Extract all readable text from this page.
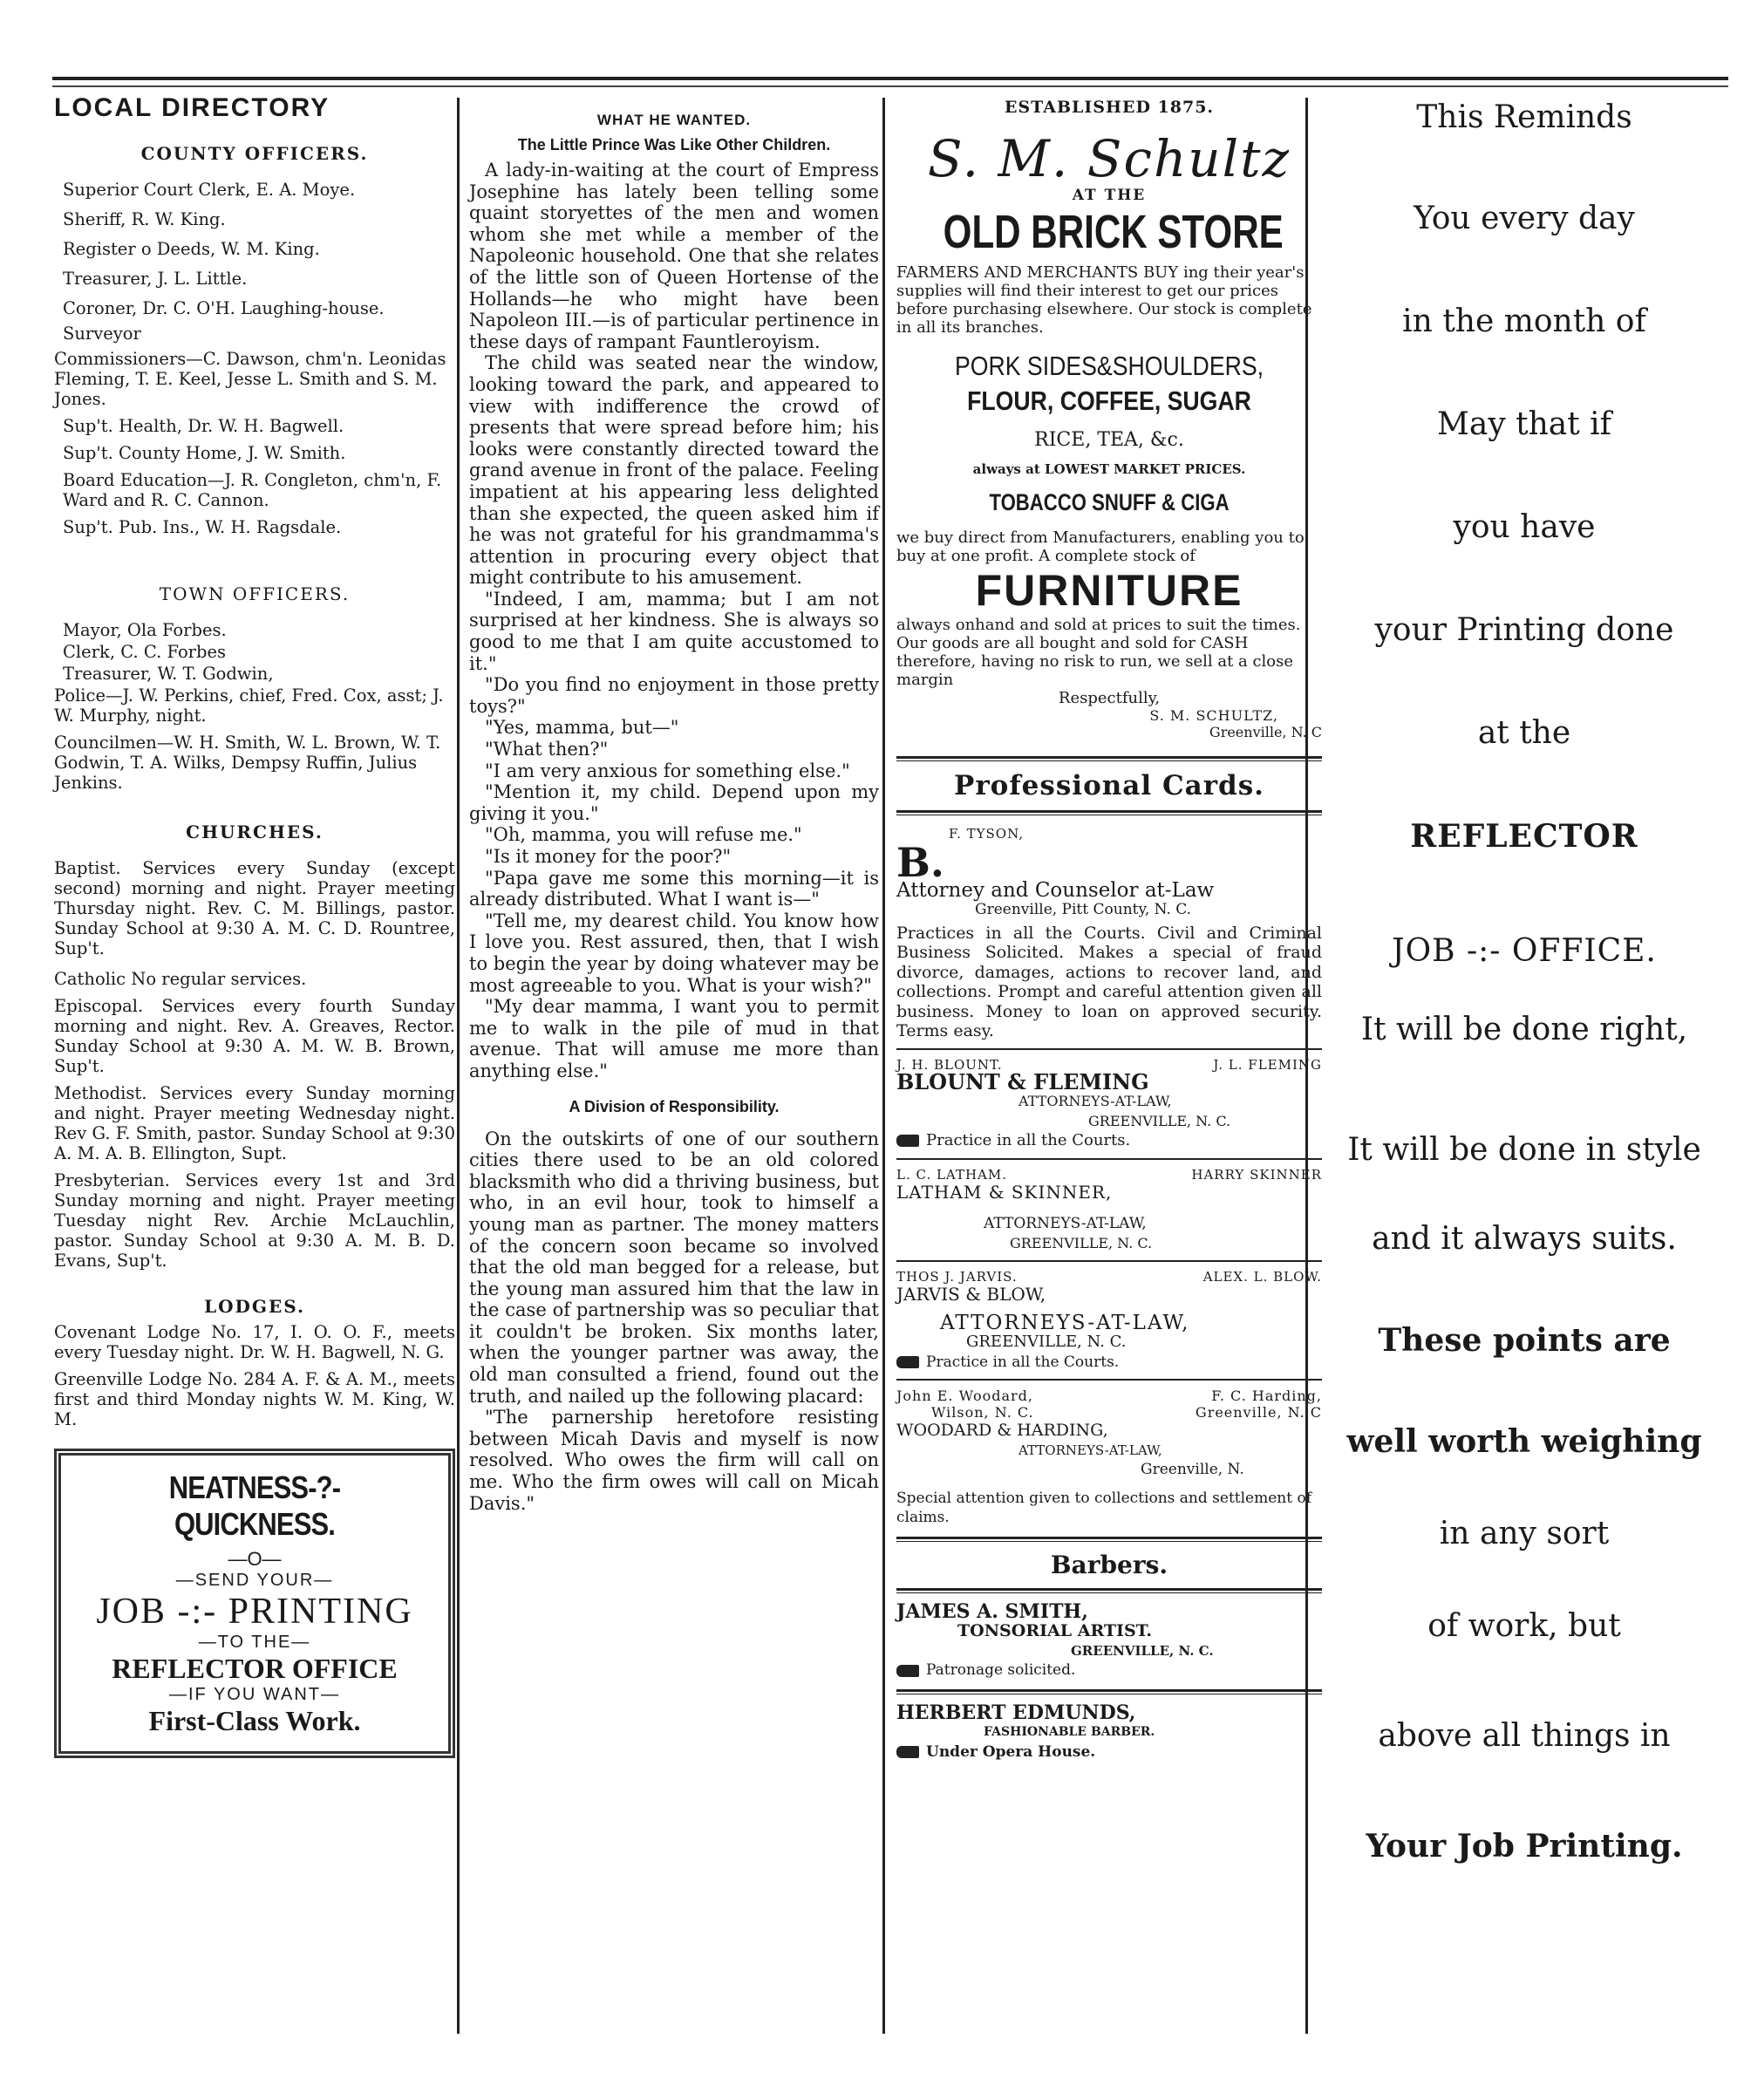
LOCAL DIRECTORY

COUNTY OFFICERS.

Superior Court Clerk, E. A. Moye.

Sheriff, R. W. King.

Register o Deeds, W. M. King.

Treasurer, J. L. Little.

Coroner, Dr. C. O'H. Laughing-house.

Surveyor

Commissioners—C. Dawson, chm'n. Leonidas Fleming, T. E. Keel, Jesse L. Smith and S. M. Jones.

Sup't. Health, Dr. W. H. Bagwell.

Sup't. County Home, J. W. Smith.

Board Education—J. R. Congleton, chm'n, F. Ward and R. C. Cannon.

Sup't. Pub. Ins., W. H. Ragsdale.

TOWN OFFICERS.

Mayor, Ola Forbes.

Clerk, C. C. Forbes

Treasurer, W. T. Godwin,

Police—J. W. Perkins, chief, Fred. Cox, asst; J. W. Murphy, night.

Councilmen—W. H. Smith, W. L. Brown, W. T. Godwin, T. A. Wilks, Dempsy Ruffin, Julius Jenkins.

CHURCHES.

Baptist. Services every Sunday (except second) morning and night. Prayer meeting Thursday night. Rev. C. M. Billings, pastor. Sunday School at 9:30 A. M. C. D. Rountree, Sup't.

Catholic No regular services.

Episcopal. Services every fourth Sunday morning and night. Rev. A. Greaves, Rector. Sunday School at 9:30 A. M. W. B. Brown, Sup't.

Methodist. Services every Sunday morning and night. Prayer meeting Wednesday night. Rev G. F. Smith, pastor. Sunday School at 9:30 A. M. A. B. Ellington, Supt.

Presbyterian. Services every 1st and 3rd Sunday morning and night. Prayer meeting Tuesday night Rev. Archie McLauchlin, pastor. Sunday School at 9:30 A. M. B. D. Evans, Sup't.

LODGES.

Covenant Lodge No. 17, I. O. O. F., meets every Tuesday night. Dr. W. H. Bagwell, N. G.

Greenville Lodge No. 284 A. F. & A. M., meets first and third Monday nights W. M. King, W. M.

NEATNESS-?-QUICKNESS.
—O—
—SEND YOUR—
JOB -:- PRINTING
—TO THE—
REFLECTOR OFFICE
—IF YOU WANT—
First-Class Work.

WHAT HE WANTED.

The Little Prince Was Like Other Children.

A lady-in-waiting at the court of Empress Josephine has lately been telling some quaint storyettes of the men and women whom she met while a member of the Napoleonic household. One that she relates of the little son of Queen Hortense of the Hollands—he who might have been Napoleon III.—is of particular pertinence in these days of rampant Fauntleroyism.

The child was seated near the window, looking toward the park, and appeared to view with indifference the crowd of presents that were spread before him; his looks were constantly directed toward the grand avenue in front of the palace. Feeling impatient at his appearing less delighted than she expected, the queen asked him if he was not grateful for his grandmamma's attention in procuring every object that might contribute to his amusement.

"Indeed, I am, mamma; but I am not surprised at her kindness. She is always so good to me that I am quite accustomed to it."

"Do you find no enjoyment in those pretty toys?"

"Yes, mamma, but—"

"What then?"

"I am very anxious for something else."

"Mention it, my child. Depend upon my giving it you."

"Oh, mamma, you will refuse me."

"Is it money for the poor?"

"Papa gave me some this morning—it is already distributed. What I want is—"

"Tell me, my dearest child. You know how I love you. Rest assured, then, that I wish to begin the year by doing whatever may be most agreeable to you. What is your wish?"

"My dear mamma, I want you to permit me to walk in the pile of mud in that avenue. That will amuse me more than anything else."

A Division of Responsibility.

On the outskirts of one of our southern cities there used to be an old colored blacksmith who did a thriving business, but who, in an evil hour, took to himself a young man as partner. The money matters of the concern soon became so involved that the old man begged for a release, but the young man assured him that the law in the case of partnership was so peculiar that it couldn't be broken. Six months later, when the younger partner was away, the old man consulted a friend, found out the truth, and nailed up the following placard:

"The parnership heretofore resisting between Micah Davis and myself is now resolved. Who owes the firm will call on me. Who the firm owes will call on Micah Davis."

ESTABLISHED 1875.

S. M. Schultz

AT THE

OLD BRICK STORE

FARMERS AND MERCHANTS BUY ing their year's supplies will find their interest to get our prices before purchasing elsewhere. Our stock is complete in all its branches.

PORK SIDES&SHOULDERS,

FLOUR, COFFEE, SUGAR

RICE, TEA, &c.

always at LOWEST MARKET PRICES.

TOBACCO SNUFF & CIGA

we buy direct from Manufacturers, enabling you to buy at one profit. A complete stock of

FURNITURE

always onhand and sold at prices to suit the times. Our goods are all bought and sold for CASH therefore, having no risk to run, we sell at a close margin

Respectfully,

S. M. SCHULTZ,

Greenville, N. C

Professional Cards.

F. TYSON,

B.

Attorney and Counselor at-Law

Greenville, Pitt County, N. C.

Practices in all the Courts. Civil and Criminal Business Solicited. Makes a special of fraud divorce, damages, actions to recover land, and collections. Prompt and careful attention given all business. Money to loan on approved security. Terms easy.

J. H. BLOUNT.	J. L. FLEMING

BLOUNT & FLEMING

ATTORNEYS-AT-LAW,

GREENVILLE, N. C.

Practice in all the Courts.

L. C. LATHAM.	HARRY SKINNER

LATHAM & SKINNER,

ATTORNEYS-AT-LAW,

GREENVILLE, N. C.

THOS J. JARVIS.	ALEX. L. BLOW.

JARVIS & BLOW,

ATTORNEYS-AT-LAW,

GREENVILLE, N. C.

Practice in all the Courts.

John E. Woodard,	F. C. Harding,
Wilson, N. C.	Greenville, N. C

WOODARD & HARDING,

ATTORNEYS-AT-LAW,

Greenville, N.

Special attention given to collections and settlement of claims.

Barbers.

JAMES A. SMITH,

TONSORIAL ARTIST.

GREENVILLE, N. C.

Patronage solicited.

HERBERT EDMUNDS,

FASHIONABLE BARBER.

Under Opera House.

This Reminds

You every day

in the month of

May that if

you have

your Printing done

at the

REFLECTOR

JOB -:- OFFICE.

It will be done right,

It will be done in style

and it always suits.

These points are

well worth weighing

in any sort

of work, but

above all things in

Your Job Printing.
